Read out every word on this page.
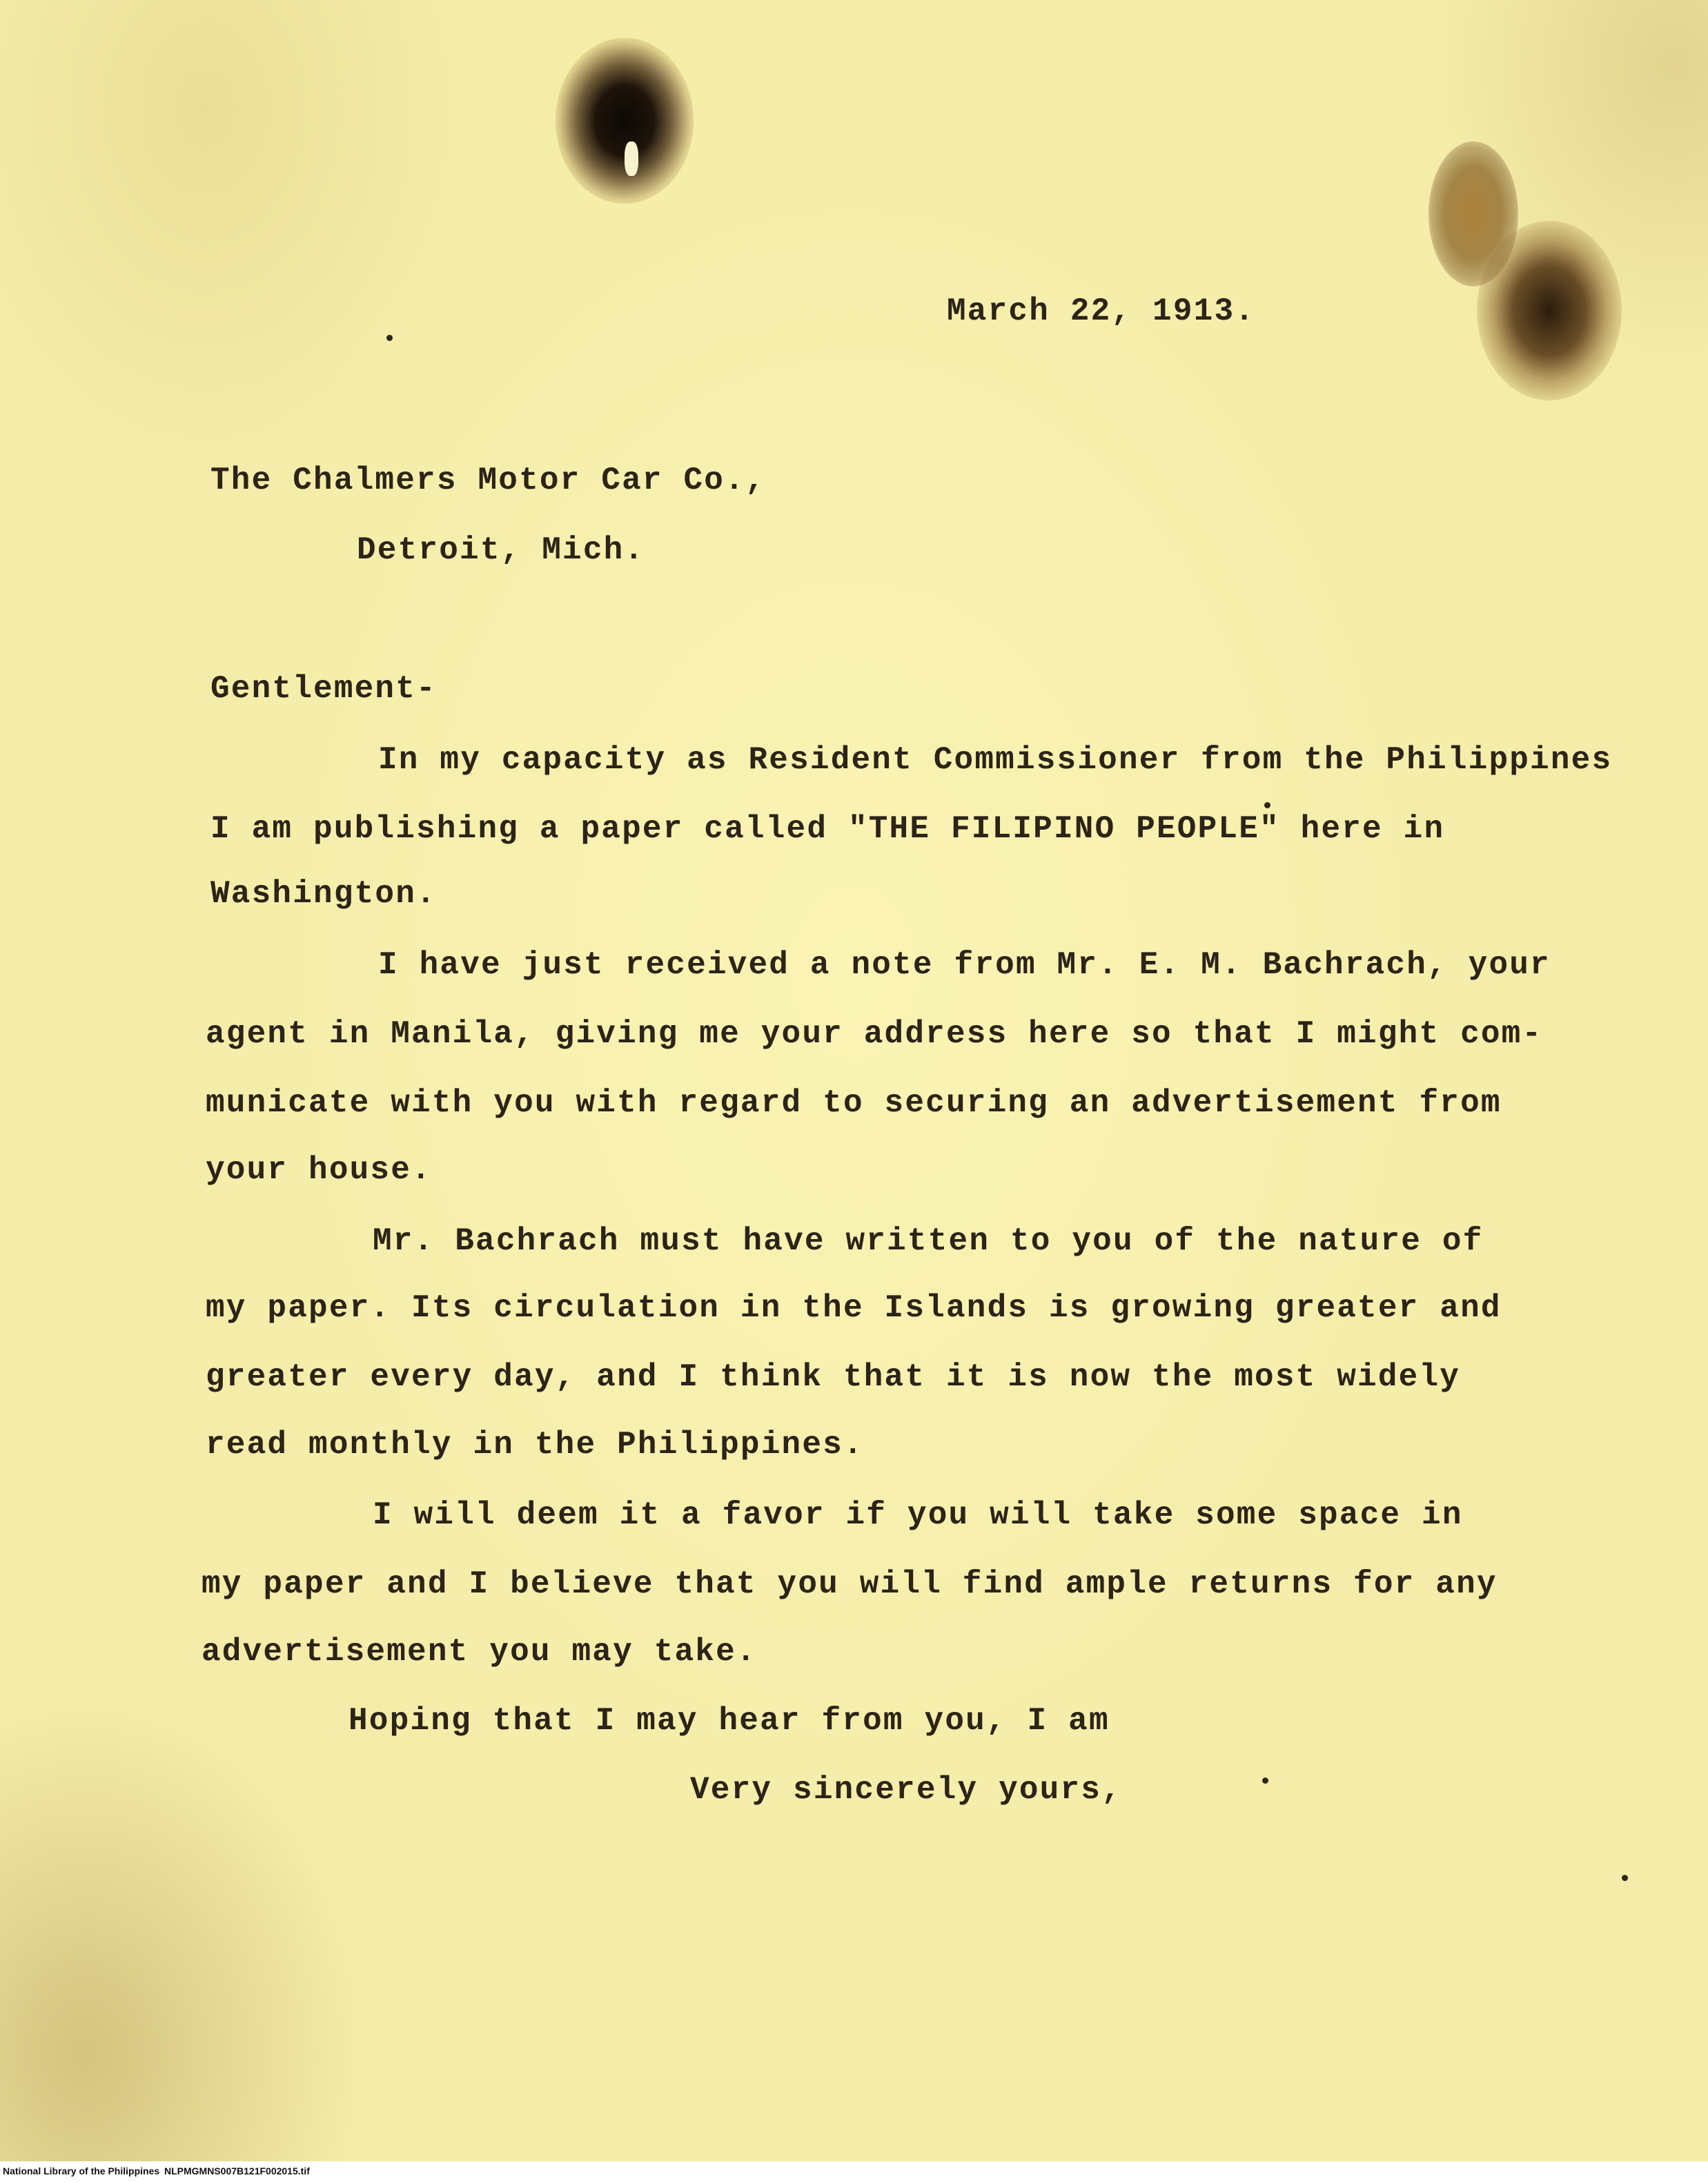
March 22, 1913.

The Chalmers Motor Car Co.,

Detroit, Mich.

Gentlement-

In my capacity as Resident Commissioner from the Philippines

I am publishing a paper called "THE FILIPINO PEOPLE" here in

Washington.

I have just received a note from Mr. E. M. Bachrach, your

agent in Manila, giving me your address here so that I might com-

municate with you with regard to securing an advertisement from

your house.

Mr. Bachrach must have written to you of the nature of

my paper. Its circulation in the Islands is growing greater and

greater every day, and I think that it is now the most widely

read monthly in the Philippines.

I will deem it a favor if you will take some space in

my paper and I believe that you will find ample returns for any

advertisement you may take.

Hoping that I may hear from you, I am

Very sincerely yours,

National Library of the Philippines NLPMGMNS007B121F002015.tif
